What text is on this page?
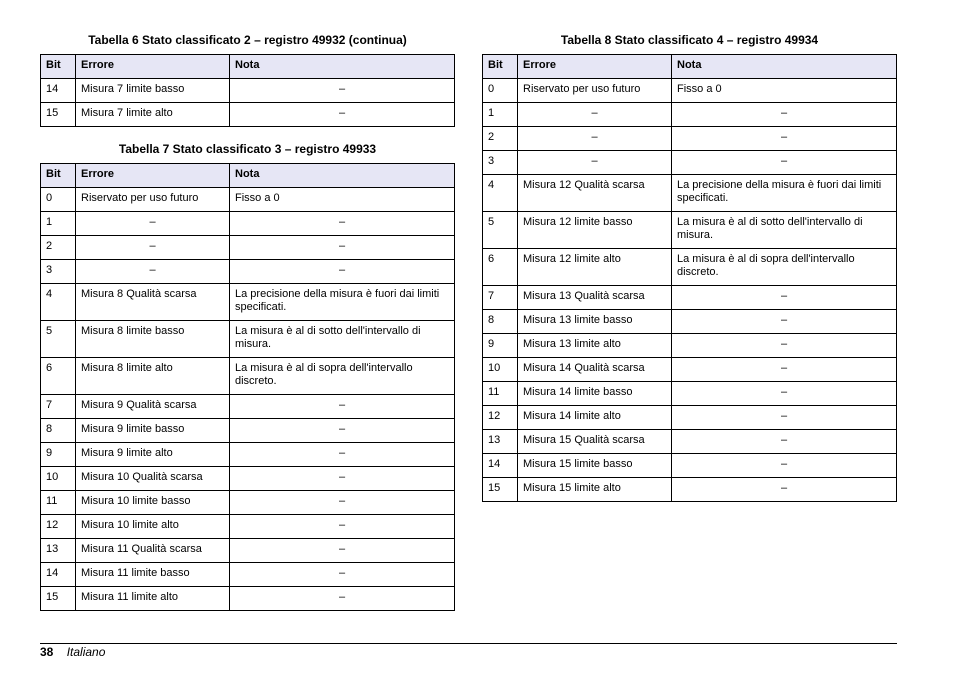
Tabella 6 Stato classificato 2 – registro 49932 (continua)
Bit	Errore	Nota
14	Misura 7 limite basso	–
15	Misura 7 limite alto	–
Tabella 7 Stato classificato 3 – registro 49933
Bit	Errore	Nota
0	Riservato per uso futuro	Fisso a 0
1	–	–
2	–	–
3	–	–
4	Misura 8 Qualità scarsa	La precisione della misura è fuori dai limiti specificati.
5	Misura 8 limite basso	La misura è al di sotto dell'intervallo di misura.
6	Misura 8 limite alto	La misura è al di sopra dell'intervallo discreto.
7	Misura 9 Qualità scarsa	–
8	Misura 9 limite basso	–
9	Misura 9 limite alto	–
10	Misura 10 Qualità scarsa	–
11	Misura 10 limite basso	–
12	Misura 10 limite alto	–
13	Misura 11 Qualità scarsa	–
14	Misura 11 limite basso	–
15	Misura 11 limite alto	–
Tabella 8 Stato classificato 4 – registro 49934
Bit	Errore	Nota
0	Riservato per uso futuro	Fisso a 0
1	–	–
2	–	–
3	–	–
4	Misura 12 Qualità scarsa	La precisione della misura è fuori dai limiti specificati.
5	Misura 12 limite basso	La misura è al di sotto dell'intervallo di misura.
6	Misura 12 limite alto	La misura è al di sopra dell'intervallo discreto.
7	Misura 13 Qualità scarsa	–
8	Misura 13 limite basso	–
9	Misura 13 limite alto	–
10	Misura 14 Qualità scarsa	–
11	Misura 14 limite basso	–
12	Misura 14 limite alto	–
13	Misura 15 Qualità scarsa	–
14	Misura 15 limite basso	–
15	Misura 15 limite alto	–
38 Italiano
